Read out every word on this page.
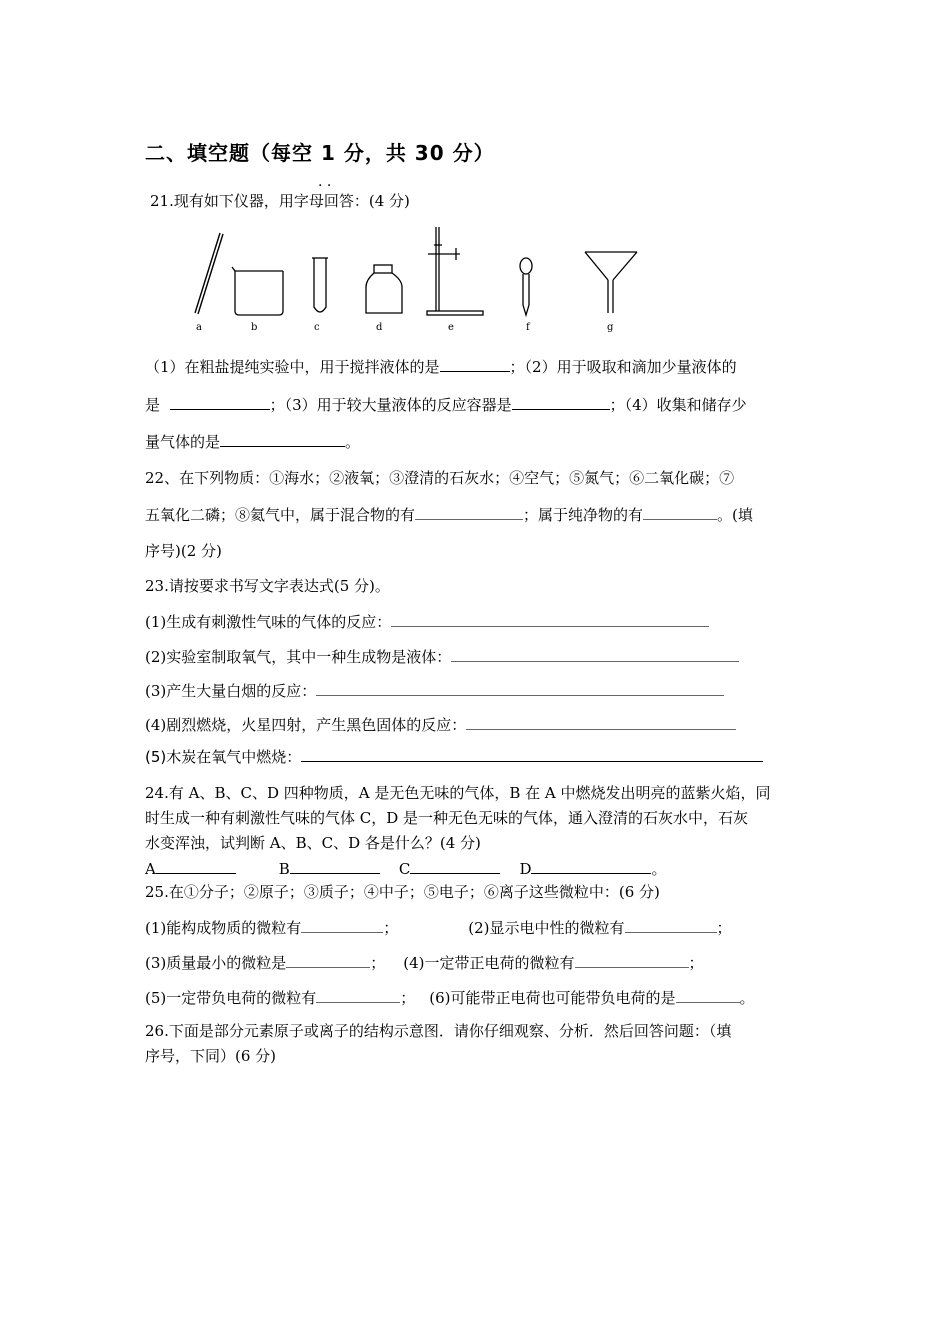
二、填空题（每空 1 分，共 30 分）
. .
21.现有如下仪器，用字母回答：(4 分)
a	b	c	d	e	f	g
（1）在粗盐提纯实验中，用于搅拌液体的是	；（2）用于吸取和滴加少量液体的
是	；（3）用于较大量液体的反应容器是	；（4）收集和储存少
量气体的是	。
22、在下列物质：①海水；②液氧；③澄清的石灰水；④空气；⑤氮气；⑥二氧化碳；⑦
五氧化二磷；⑧氦气中，属于混合物的有	；属于纯净物的有	。(填
序号)(2 分)
23.请按要求书写文字表达式(5 分)。
(1)生成有刺激性气味的气体的反应：
(2)实验室制取氧气，其中一种生成物是液体：
(3)产生大量白烟的反应：
(4)剧烈燃烧，火星四射，产生黑色固体的反应：
(5)木炭在氧气中燃烧：
24.有 A、B、C、D 四种物质，A 是无色无味的气体，B 在 A 中燃烧发出明亮的蓝紫火焰，同
时生成一种有刺激性气味的气体 C，D 是一种无色无味的气体，通入澄清的石灰水中，石灰
水变浑浊，试判断 A、B、C、D 各是什么？(4 分)
A	B	C	D	。
25.在①分子；②原子；③质子；④中子；⑤电子；⑥离子这些微粒中：(6 分)
(1)能构成物质的微粒有	；	(2)显示电中性的微粒有	；
(3)质量最小的微粒是	； (4)一定带正电荷的微粒有	；
(5)一定带负电荷的微粒有	； (6)可能带正电荷也可能带负电荷的是	。
26.下面是部分元素原子或离子的结构示意图．请你仔细观察、分析．然后回答问题：（填
序号，下同）(6 分)
